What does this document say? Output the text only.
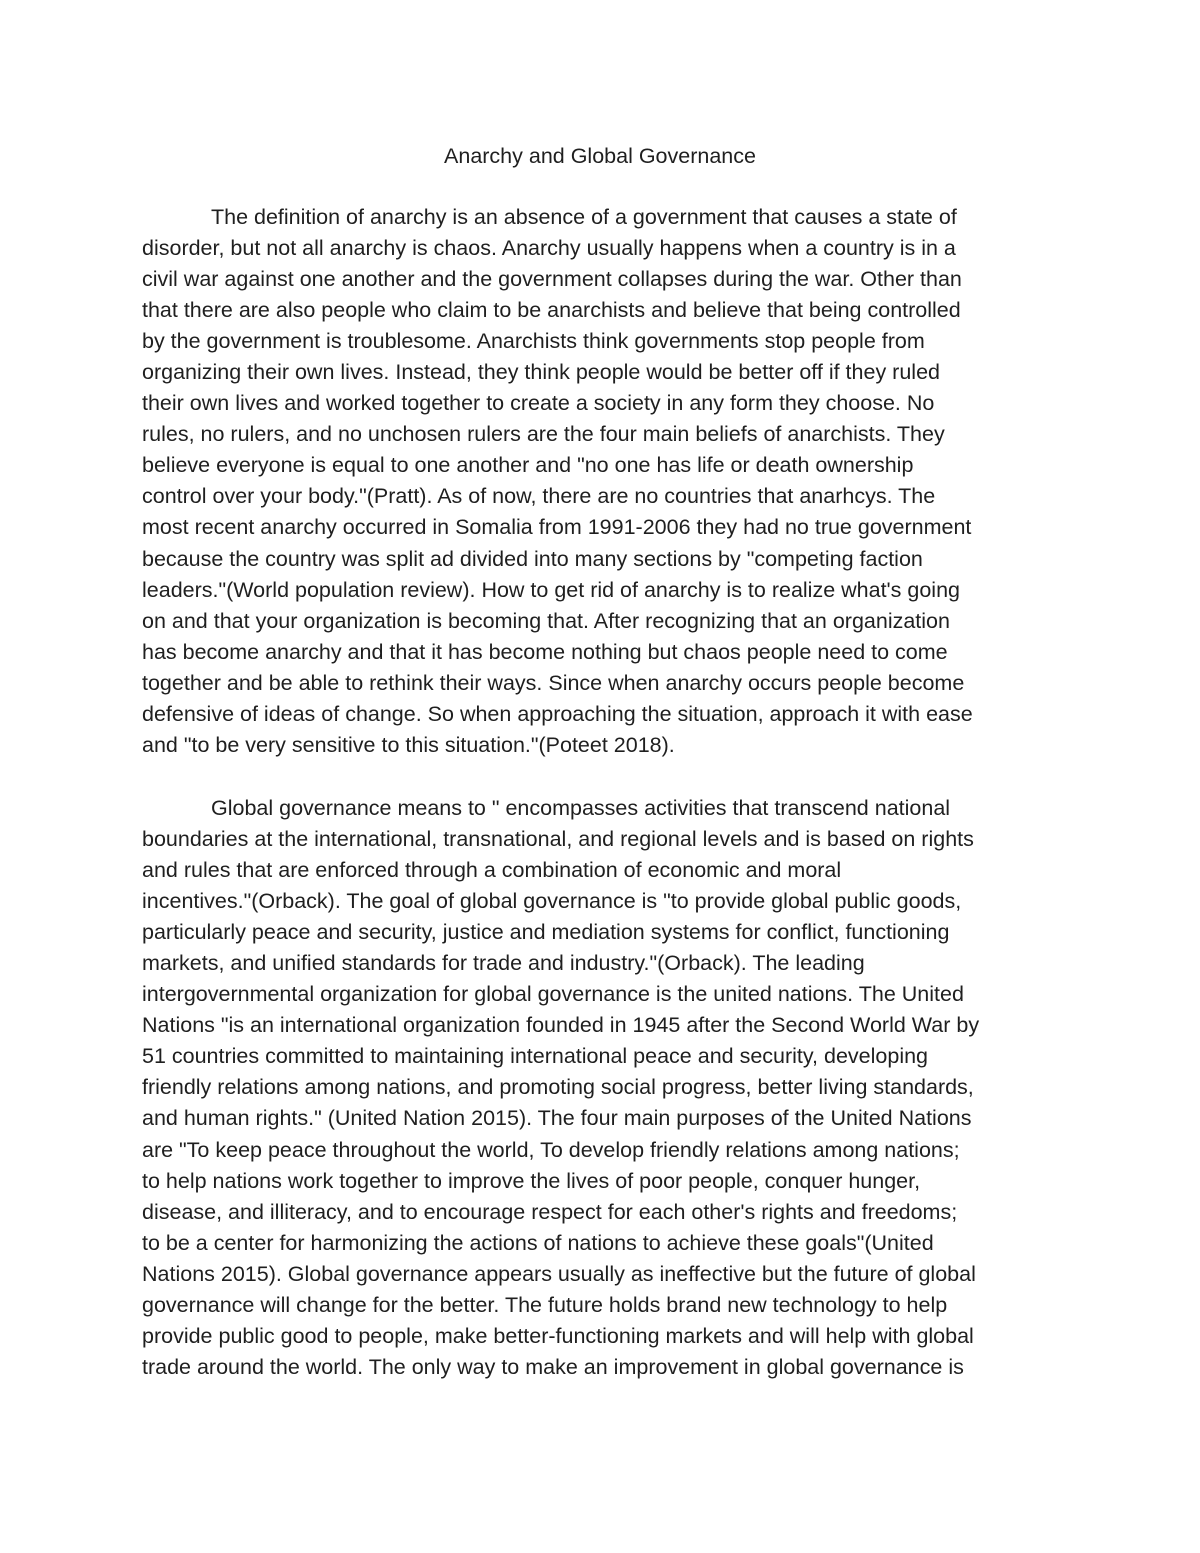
Anarchy and Global Governance
The definition of anarchy is an absence of a government that causes a state of
disorder, but not all anarchy is chaos. Anarchy usually happens when a country is in a
civil war against one another and the government collapses during the war. Other than
that there are also people who claim to be anarchists and believe that being controlled
by the government is troublesome. Anarchists think governments stop people from
organizing their own lives. Instead, they think people would be better off if they ruled
their own lives and worked together to create a society in any form they choose. No
rules, no rulers, and no unchosen rulers are the four main beliefs of anarchists. They
believe everyone is equal to one another and "no one has life or death ownership
control over your body."(Pratt). As of now, there are no countries that anarhcys. The
most recent anarchy occurred in Somalia from 1991-2006 they had no true government
because the country was split ad divided into many sections by "competing faction
leaders."(World population review). How to get rid of anarchy is to realize what's going
on and that your organization is becoming that. After recognizing that an organization
has become anarchy and that it has become nothing but chaos people need to come
together and be able to rethink their ways. Since when anarchy occurs people become
defensive of ideas of change. So when approaching the situation, approach it with ease
and "to be very sensitive to this situation."(Poteet 2018).
Global governance means to " encompasses activities that transcend national
boundaries at the international, transnational, and regional levels and is based on rights
and rules that are enforced through a combination of economic and moral
incentives."(Orback). The goal of global governance is "to provide global public goods,
particularly peace and security, justice and mediation systems for conflict, functioning
markets, and unified standards for trade and industry."(Orback). The leading
intergovernmental organization for global governance is the united nations. The United
Nations "is an international organization founded in 1945 after the Second World War by
51 countries committed to maintaining international peace and security, developing
friendly relations among nations, and promoting social progress, better living standards,
and human rights." (United Nation 2015). The four main purposes of the United Nations
are "To keep peace throughout the world, To develop friendly relations among nations;
to help nations work together to improve the lives of poor people, conquer hunger,
disease, and illiteracy, and to encourage respect for each other's rights and freedoms;
to be a center for harmonizing the actions of nations to achieve these goals"(United
Nations 2015). Global governance appears usually as ineffective but the future of global
governance will change for the better. The future holds brand new technology to help
provide public good to people, make better-functioning markets and will help with global
trade around the world. The only way to make an improvement in global governance is
